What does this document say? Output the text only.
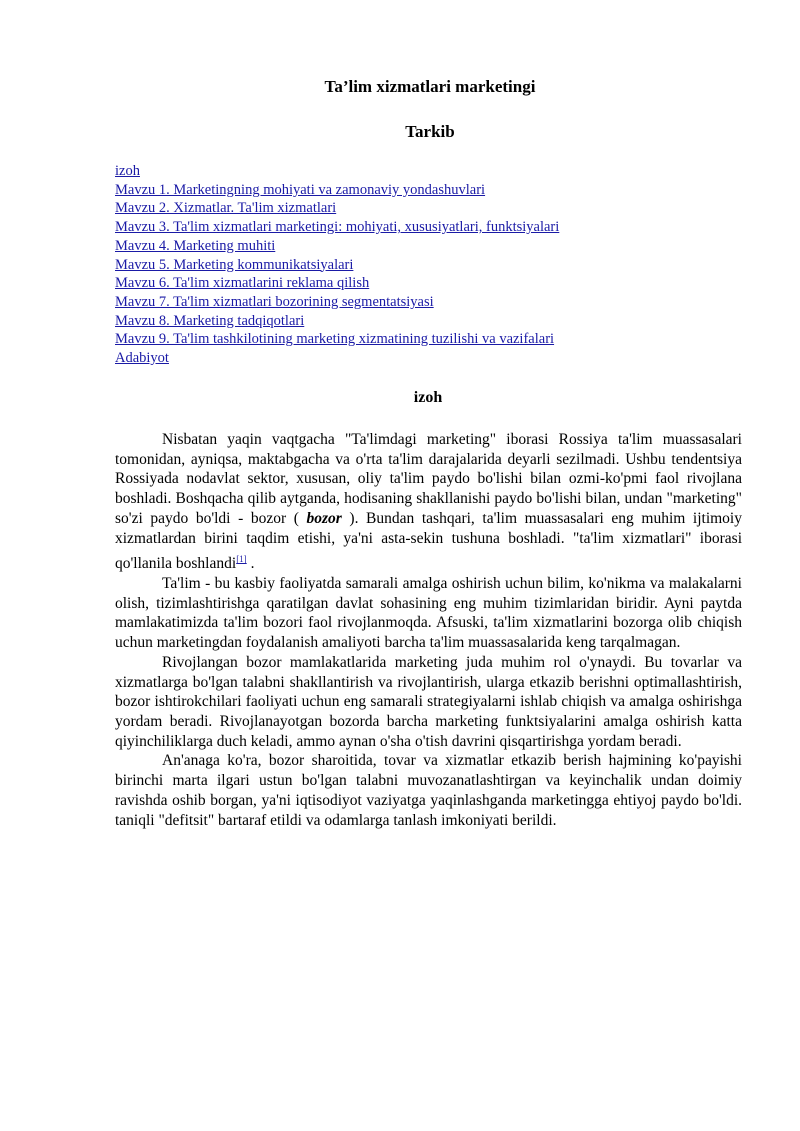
Ta’lim xizmatlari marketingi
Tarkib
izoh
Mavzu 1. Marketingning mohiyati va zamonaviy yondashuvlari
Mavzu 2. Xizmatlar. Ta'lim xizmatlari
Mavzu 3. Ta'lim xizmatlari marketingi: mohiyati, xususiyatlari, funktsiyalari
Mavzu 4. Marketing muhiti
Mavzu 5. Marketing kommunikatsiyalari
Mavzu 6. Ta'lim xizmatlarini reklama qilish
Mavzu 7. Ta'lim xizmatlari bozorining segmentatsiyasi
Mavzu 8. Marketing tadqiqotlari
Mavzu 9. Ta'lim tashkilotining marketing xizmatining tuzilishi va vazifalari
Adabiyot
izoh

Nisbatan yaqin vaqtgacha "Ta'limdagi marketing" iborasi Rossiya ta'lim muassasalari tomonidan, ayniqsa, maktabgacha va o'rta ta'lim darajalarida deyarli sezilmadi. Ushbu tendentsiya Rossiyada nodavlat sektor, xususan, oliy ta'lim paydo bo'lishi bilan ozmi-ko'pmi faol rivojlana boshladi. Boshqacha qilib aytganda, hodisaning shakllanishi paydo bo'lishi bilan, undan "marketing" so'zi paydo bo'ldi - bozor ( bozor ). Bundan tashqari, ta'lim muassasalari eng muhim ijtimoiy xizmatlardan birini taqdim etishi, ya'ni asta-sekin tushuna boshladi. "ta'lim xizmatlari" iborasi qo'llanila boshlandi[1] .

Ta'lim - bu kasbiy faoliyatda samarali amalga oshirish uchun bilim, ko'nikma va malakalarni olish, tizimlashtirishga qaratilgan davlat sohasining eng muhim tizimlaridan biridir. Ayni paytda mamlakatimizda ta'lim bozori faol rivojlanmoqda. Afsuski, ta'lim xizmatlarini bozorga olib chiqish uchun marketingdan foydalanish amaliyoti barcha ta'lim muassasalarida keng tarqalmagan.

Rivojlangan bozor mamlakatlarida marketing juda muhim rol o'ynaydi. Bu tovarlar va xizmatlarga bo'lgan talabni shakllantirish va rivojlantirish, ularga etkazib berishni optimallashtirish, bozor ishtirokchilari faoliyati uchun eng samarali strategiyalarni ishlab chiqish va amalga oshirishga yordam beradi. Rivojlanayotgan bozorda barcha marketing funktsiyalarini amalga oshirish katta qiyinchiliklarga duch keladi, ammo aynan o'sha o'tish davrini qisqartirishga yordam beradi.

An'anaga ko'ra, bozor sharoitida, tovar va xizmatlar etkazib berish hajmining ko'payishi birinchi marta ilgari ustun bo'lgan talabni muvozanatlashtirgan va keyinchalik undan doimiy ravishda oshib borgan, ya'ni iqtisodiyot vaziyatga yaqinlashganda marketingga ehtiyoj paydo bo'ldi. taniqli "defitsit" bartaraf etildi va odamlarga tanlash imkoniyati berildi.
